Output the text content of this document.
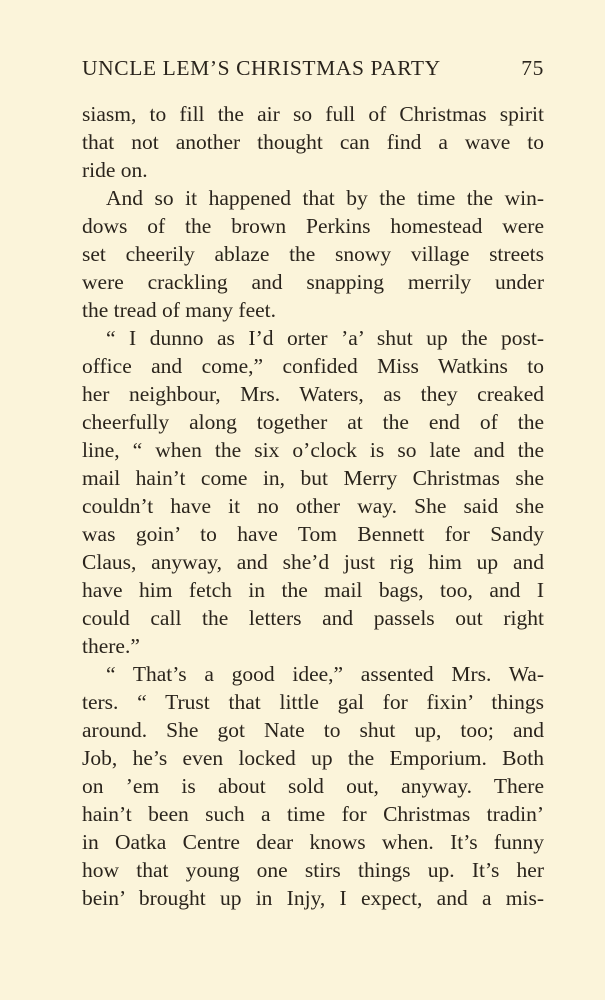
UNCLE LEM’S CHRISTMAS PARTY	75
siasm, to fill the air so full of Christmas spirit
that not another thought can find a wave to
ride on.
And so it happened that by the time the win-
dows of the brown Perkins homestead were
set cheerily ablaze the snowy village streets
were crackling and snapping merrily under
the tread of many feet.
“ I dunno as I’d orter ’a’ shut up the post-
office and come,” confided Miss Watkins to
her neighbour, Mrs. Waters, as they creaked
cheerfully along together at the end of the
line, “ when the six o’clock is so late and the
mail hain’t come in, but Merry Christmas she
couldn’t have it no other way. She said she
was goin’ to have Tom Bennett for Sandy
Claus, anyway, and she’d just rig him up and
have him fetch in the mail bags, too, and I
could call the letters and passels out right
there.”
“ That’s a good idee,” assented Mrs. Wa-
ters. “ Trust that little gal for fixin’ things
around. She got Nate to shut up, too; and
Job, he’s even locked up the Emporium. Both
on ’em is about sold out, anyway. There
hain’t been such a time for Christmas tradin’
in Oatka Centre dear knows when. It’s funny
how that young one stirs things up. It’s her
bein’ brought up in Injy, I expect, and a mis-
